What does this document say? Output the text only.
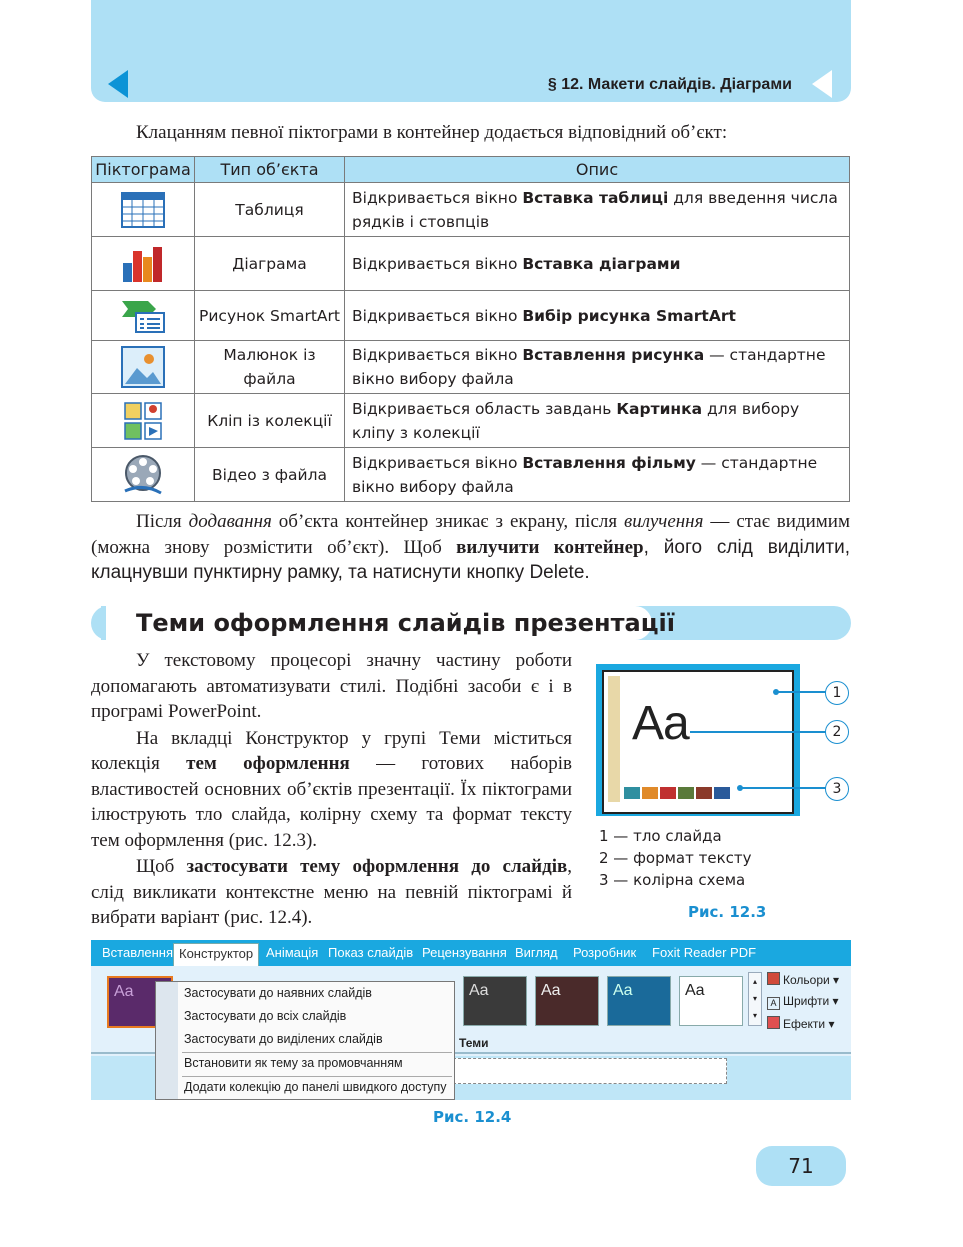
§ 12. Макети слайдів. Діаграми
Клацанням певної піктограми в контейнер додається відповідний об’єкт:
Піктограма	Тип об’єкта	Опис
	Таблиця	Відкривається вікно Вставка таблиці для введення числа рядків і стовпців
	Діаграма	Відкривається вікно Вставка діаграми
	Рисунок SmartArt	Відкривається вікно Вибір рисунка SmartArt
	Малюнок із файла	Відкривається вікно Вставлення рисунка — стандартне вікно вибору файла
	Кліп із колекції	Відкривається область завдань Картинка для вибору кліпу з колекції
	Відео з файла	Відкривається вікно Вставлення фільму — стандартне вікно вибору файла
Після додавання об’єкта контейнер зникає з екрану, після вилучення — стає видимим (можна знову розмістити об’єкт). Щоб вилучити контейнер, його слід виділити, клацнувши пунктирну рамку, та натиснути кнопку Delete.
Теми оформлення слайдів презентації
У текстовому процесорі значну частину роботи допомагають автоматизувати стилі. Подібні засоби є і в програмі PowerPoint.
На вкладці Конструктор у групі Теми міститься колекція тем оформлення — готових наборів властивостей основних об’єктів презентації. Їх піктограми ілюструють тло слайда, колірну схему та формат тексту тем оформлення (рис. 12.3).
Щоб застосувати тему оформлення до слайдів, слід викликати контекстне меню на певній піктограмі й вибрати варіант (рис. 12.4).
Aa
1
2
3
1 — тло слайда
2 — формат тексту
3 — колірна схема
Рис. 12.3
Вставлення Конструктор Анімація Показ слайдів Рецензування Вигляд Розробник Foxit Reader PDF
Aa	Aa	Aa	Aa	Aa
▴
▾
▾
Кольори ▾
A Шрифти ▾
Ефекти ▾
Теми
Застосувати до наявних слайдів
Застосувати до всіх слайдів
Застосувати до виділених слайдів
Встановити як тему за промовчанням
Додати колекцію до панелі швидкого доступу
Рис. 12.4
71
